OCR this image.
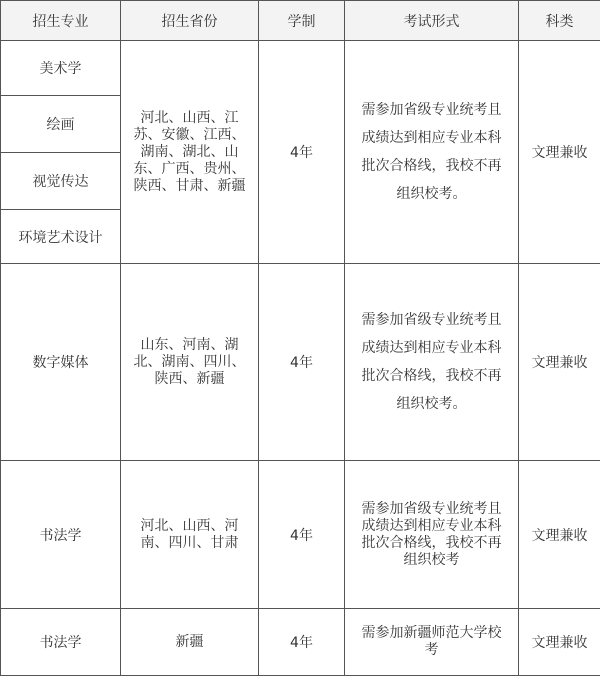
招生专业	招生省份	学制	考试形式	科类
美术学	河北、山西、江苏、安徽、江西、湖南、湖北、山东、广西、贵州、陕西、甘肃、新疆	4年	需参加省级专业统考且成绩达到相应专业本科批次合格线，我校不再组织校考。	文理兼收
绘画				
视觉传达				
环境艺术设计				
数字媒体	山东、河南、湖北、湖南、四川、陕西、新疆	4年	需参加省级专业统考且成绩达到相应专业本科批次合格线，我校不再组织校考。	文理兼收
书法学	河北、山西、河南、四川、甘肃	4年	需参加省级专业统考且成绩达到相应专业本科批次合格线，我校不再组织校考	文理兼收
书法学	新疆	4年	需参加新疆师范大学校考	文理兼收
